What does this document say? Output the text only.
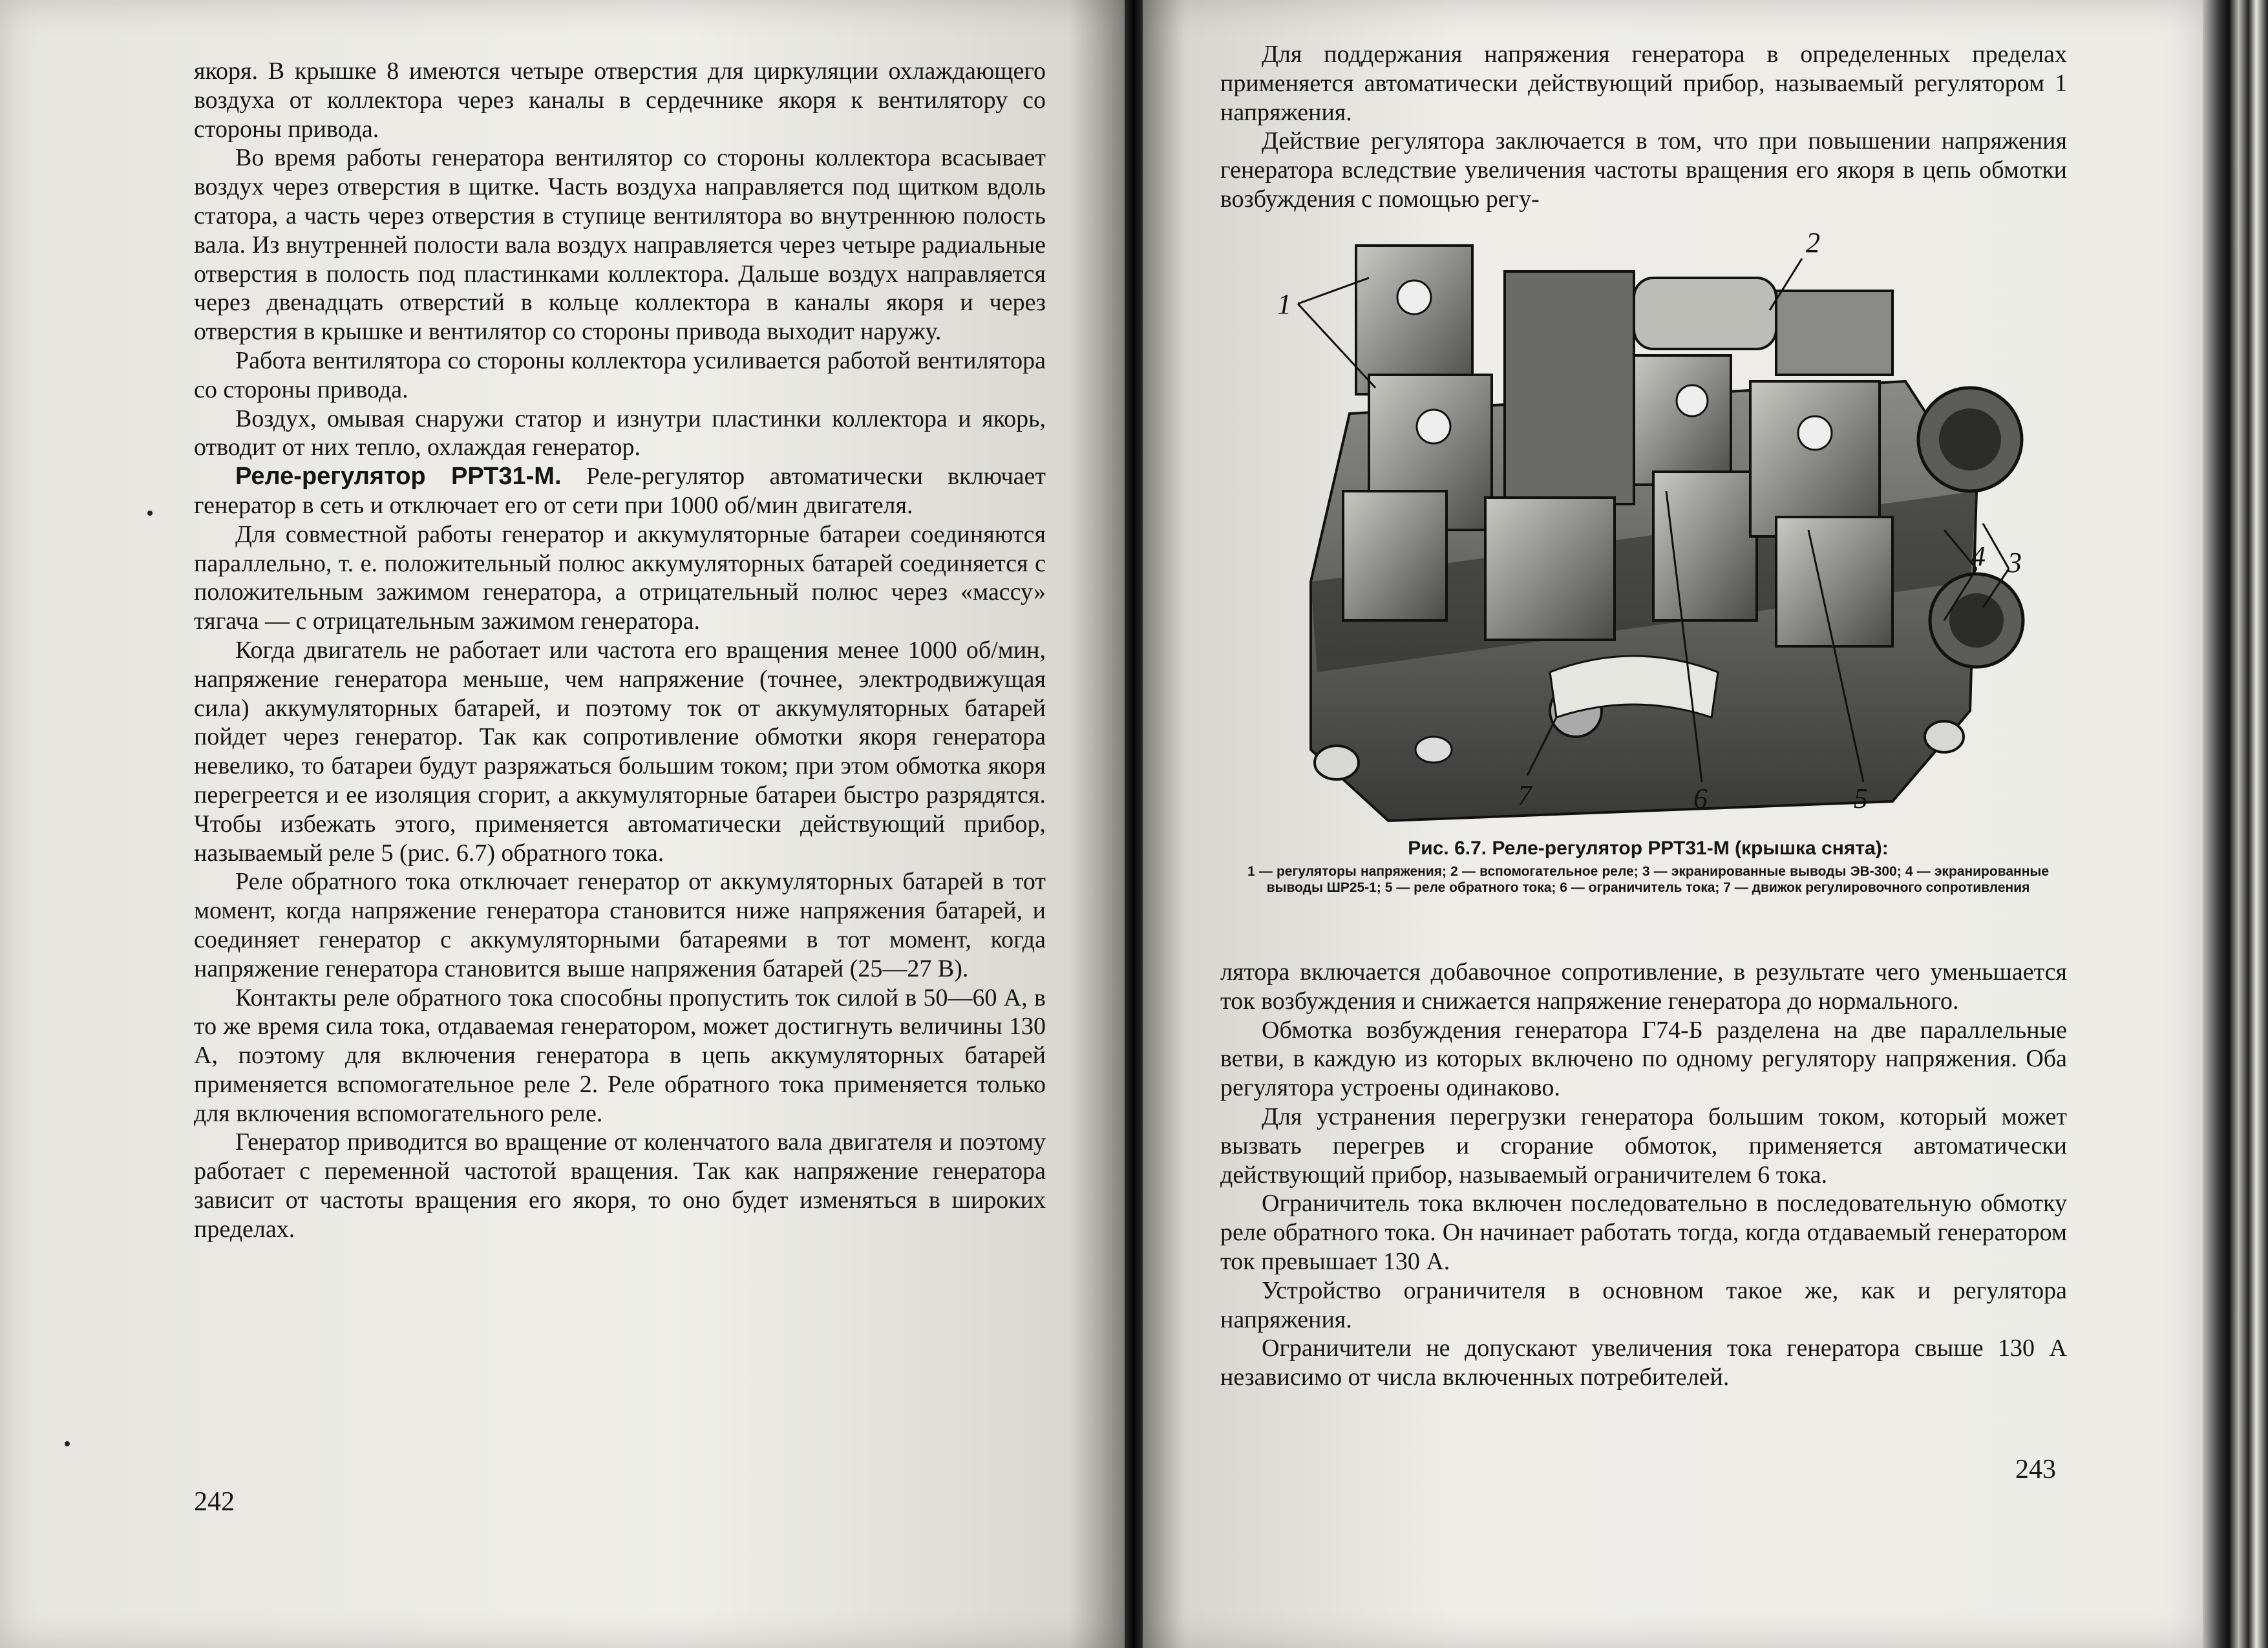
якоря. В крышке 8 имеются четыре отверстия для циркуляции охлаждающего воздуха от коллектора через каналы в сердечнике якоря к вентилятору со стороны привода.

Во время работы генератора вентилятор со стороны коллектора всасывает воздух через отверстия в щитке. Часть воздуха направляется под щитком вдоль статора, а часть через отверстия в ступице вентилятора во внутреннюю полость вала. Из внутренней полости вала воздух направляется через четыре радиальные отверстия в полость под пластинками коллектора. Дальше воздух направляется через двенадцать отверстий в кольце коллектора в каналы якоря и через отверстия в крышке и вентилятор со стороны привода выходит наружу.

Работа вентилятора со стороны коллектора усиливается работой вентилятора со стороны привода.

Воздух, омывая снаружи статор и изнутри пластинки коллектора и якорь, отводит от них тепло, охлаждая генератор.

Реле-регулятор РРТ31-М. Реле-регулятор автоматически включает генератор в сеть и отключает его от сети при 1000 об/мин двигателя.

Для совместной работы генератор и аккумуляторные батареи соединяются параллельно, т. е. положительный полюс аккумуляторных батарей соединяется с положительным зажимом генератора, а отрицательный полюс через «массу» тягача — с отрицательным зажимом генератора.

Когда двигатель не работает или частота его вращения менее 1000 об/мин, напряжение генератора меньше, чем напряжение (точнее, электродвижущая сила) аккумуляторных батарей, и поэтому ток от аккумуляторных батарей пойдет через генератор. Так как сопротивление обмотки якоря генератора невелико, то батареи будут разряжаться большим током; при этом обмотка якоря перегреется и ее изоляция сгорит, а аккумуляторные батареи быстро разрядятся. Чтобы избежать этого, применяется автоматически действующий прибор, называемый реле 5 (рис. 6.7) обратного тока.

Реле обратного тока отключает генератор от аккумуляторных батарей в тот момент, когда напряжение генератора становится ниже напряжения батарей, и соединяет генератор с аккумуляторными батареями в тот момент, когда напряжение генератора становится выше напряжения батарей (25—27 В).

Контакты реле обратного тока способны пропустить ток силой в 50—60 А, в то же время сила тока, отдаваемая генератором, может достигнуть величины 130 А, поэтому для включения генератора в цепь аккумуляторных батарей применяется вспомогательное реле 2. Реле обратного тока применяется только для включения вспомогательного реле.

Генератор приводится во вращение от коленчатого вала двигателя и поэтому работает с переменной частотой вращения. Так как напряжение генератора зависит от частоты вращения его якоря, то оно будет изменяться в широких пределах.

242

Для поддержания напряжения генератора в определенных пределах применяется автоматически действующий прибор, называемый регулятором 1 напряжения.

Действие регулятора заключается в том, что при повышении напряжения генератора вследствие увеличения частоты вращения его якоря в цепь обмотки возбуждения с помощью регу-

1
2
3
4
5
6
7
Рис. 6.7. Реле-регулятор РРТ31-М (крышка снята):
1 — регуляторы напряжения; 2 — вспомогательное реле; 3 — экранированные выводы ЭВ-300; 4 — экранированные выводы ШР25-1; 5 — реле обратного тока; 6 — ограничитель тока; 7 — движок регулировочного сопротивления

лятора включается добавочное сопротивление, в результате чего уменьшается ток возбуждения и снижается напряжение генератора до нормального.

Обмотка возбуждения генератора Г74-Б разделена на две параллельные ветви, в каждую из которых включено по одному регулятору напряжения. Оба регулятора устроены одинаково.

Для устранения перегрузки генератора большим током, который может вызвать перегрев и сгорание обмоток, применяется автоматически действующий прибор, называемый ограничителем 6 тока.

Ограничитель тока включен последовательно в последовательную обмотку реле обратного тока. Он начинает работать тогда, когда отдаваемый генератором ток превышает 130 А.

Устройство ограничителя в основном такое же, как и регулятора напряжения.

Ограничители не допускают увеличения тока генератора свыше 130 А независимо от числа включенных потребителей.

243
